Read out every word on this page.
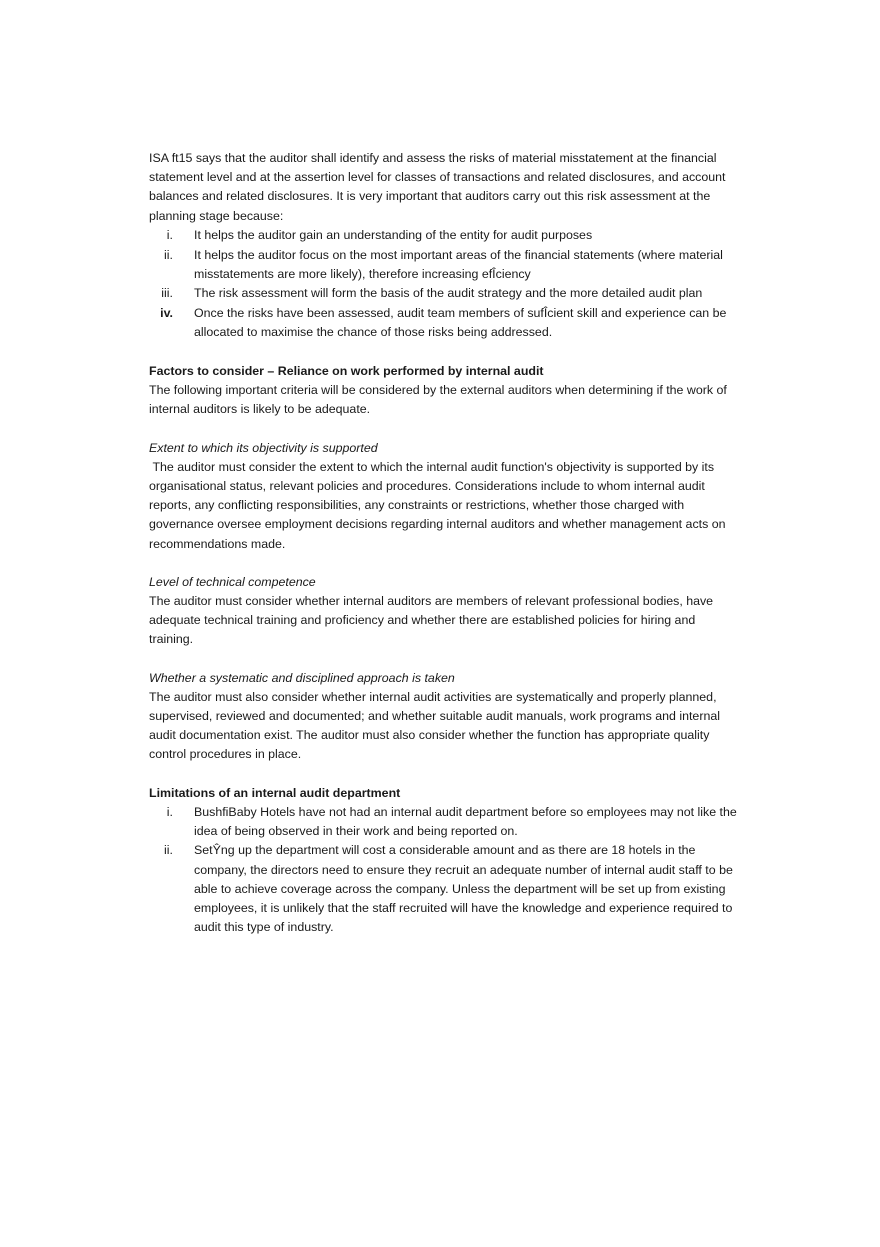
ISA ft15 says that the auditor shall identify and assess the risks of material misstatement at the financial statement level and at the assertion level for classes of transactions and related disclosures, and account balances and related disclosures. It is very important that auditors carry out this risk assessment at the planning stage because:

i. It helps the auditor gain an understanding of the entity for audit purposes
ii. It helps the auditor focus on the most important areas of the financial statements (where material misstatements are more likely), therefore increasing efÎciency
iii. The risk assessment will form the basis of the audit strategy and the more detailed audit plan
iv. Once the risks have been assessed, audit team members of sufÎcient skill and experience can be allocated to maximise the chance of those risks being addressed.

Factors to consider – Reliance on work performed by internal audit

The following important criteria will be considered by the external auditors when determining if the work of internal auditors is likely to be adequate.

Extent to which its objectivity is supported

The auditor must consider the extent to which the internal audit function's objectivity is supported by its organisational status, relevant policies and procedures. Considerations include to whom internal audit reports, any conflicting responsibilities, any constraints or restrictions, whether those charged with governance oversee employment decisions regarding internal auditors and whether management acts on recommendations made.

Level of technical competence

The auditor must consider whether internal auditors are members of relevant professional bodies, have adequate technical training and proficiency and whether there are established policies for hiring and training.

Whether a systematic and disciplined approach is taken

The auditor must also consider whether internal audit activities are systematically and properly planned, supervised, reviewed and documented; and whether suitable audit manuals, work programs and internal audit documentation exist. The auditor must also consider whether the function has appropriate quality control procedures in place.

Limitations of an internal audit department

i. BushfiBaby Hotels have not had an internal audit department before so employees may not like the idea of being observed in their work and being reported on.
ii. SetŶng up the department will cost a considerable amount and as there are 18 hotels in the company, the directors need to ensure they recruit an adequate number of internal audit staff to be able to achieve coverage across the company. Unless the department will be set up from existing employees, it is unlikely that the staff recruited will have the knowledge and experience required to audit this type of industry.
